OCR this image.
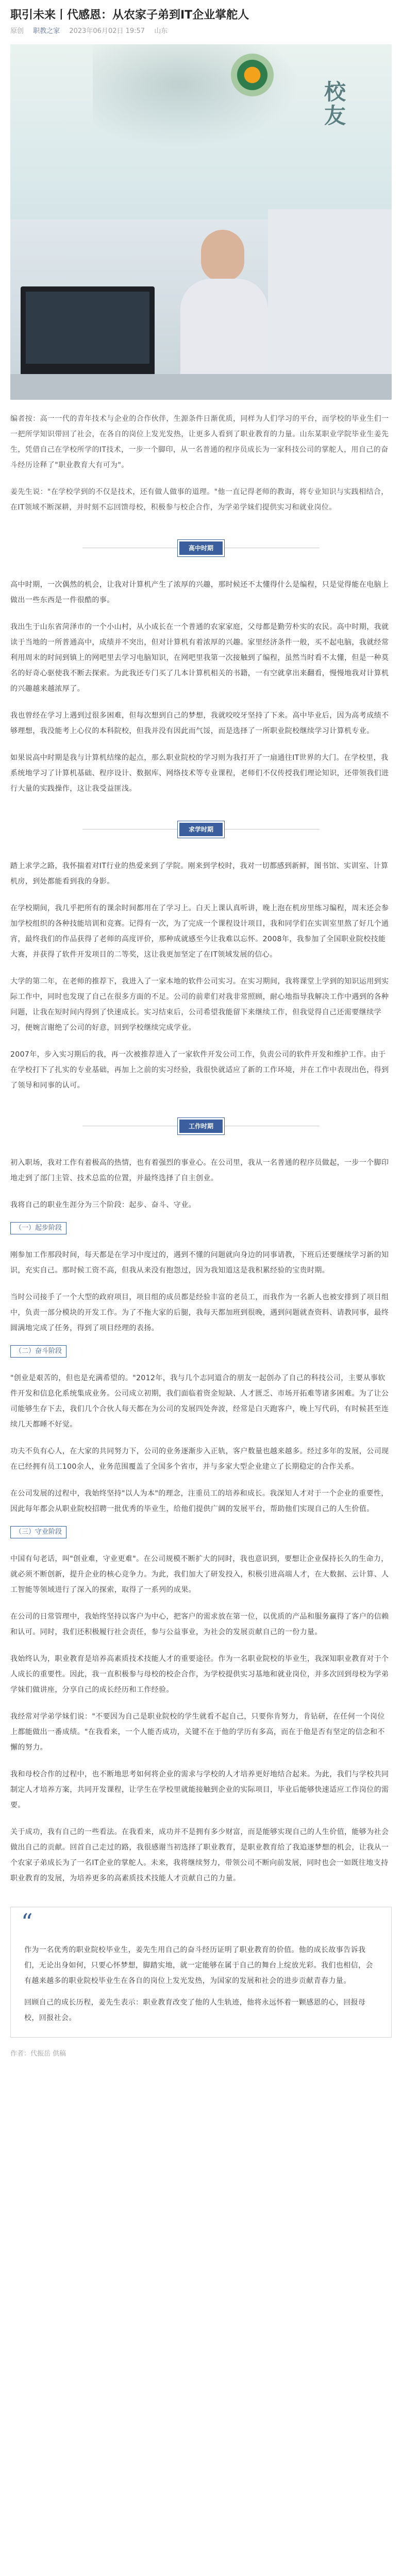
职引未来丨代感恩：从农家子弟到IT企业掌舵人
原创 职教之家 2023年06月02日 19:57 山东
校友

编者按：高一一代的青年技术与企业的合作伙伴，生源条件日渐优质，同样为人们学习的平台，而学校的毕业生们一一把所学知识带回了社会，在各自的岗位上发光发热，让更多人看到了职业教育的力量。山东某职业学院毕业生姜先生，凭借自己在学校所学的IT技术，一步一个脚印，从一名普通的程序员成长为一家科技公司的掌舵人，用自己的奋斗经历诠释了"职业教育大有可为"。

姜先生说："在学校学到的不仅是技术，还有做人做事的道理。"他一直记得老师的教诲，将专业知识与实践相结合，在IT领域不断深耕，并时刻不忘回馈母校，积极参与校企合作，为学弟学妹们提供实习和就业岗位。

高中时期

高中时期，一次偶然的机会，让我对计算机产生了浓厚的兴趣，那时候还不太懂得什么是编程，只是觉得能在电脑上做出一些东西是一件很酷的事。

我出生于山东省菏泽市的一个小山村，从小成长在一个普通的农家家庭，父母都是勤劳朴实的农民。高中时期，我就读于当地的一所普通高中，成绩并不突出，但对计算机有着浓厚的兴趣。家里经济条件一般，买不起电脑，我就经常利用周末的时间到镇上的网吧里去学习电脑知识，在网吧里我第一次接触到了编程，虽然当时看不太懂，但是一种莫名的好奇心驱使我不断去探索。为此我还专门买了几本计算机相关的书籍，一有空就拿出来翻看，慢慢地我对计算机的兴趣越来越浓厚了。

我也曾经在学习上遇到过很多困难，但每次想到自己的梦想，我就咬咬牙坚持了下来。高中毕业后，因为高考成绩不够理想，我没能考上心仪的本科院校，但我并没有因此而气馁，而是选择了一所职业院校继续学习计算机专业。

如果说高中时期是我与计算机结缘的起点，那么职业院校的学习则为我打开了一扇通往IT世界的大门。在学校里，我系统地学习了计算机基础、程序设计、数据库、网络技术等专业课程，老师们不仅传授我们理论知识，还带领我们进行大量的实践操作，这让我受益匪浅。

求学时期

踏上求学之路，我怀揣着对IT行业的热爱来到了学院。刚来到学校时，我对一切都感到新鲜，图书馆、实训室、计算机房，到处都能看到我的身影。

在学校期间，我几乎把所有的课余时间都用在了学习上。白天上课认真听讲，晚上泡在机房里练习编程，周末还会参加学校组织的各种技能培训和竞赛。记得有一次，为了完成一个课程设计项目，我和同学们在实训室里熬了好几个通宵，最终我们的作品获得了老师的高度评价，那种成就感至今让我难以忘怀。2008年，我参加了全国职业院校技能大赛，并获得了软件开发项目的二等奖，这让我更加坚定了在IT领域发展的信心。

大学的第二年，在老师的推荐下，我进入了一家本地的软件公司实习。在实习期间，我将课堂上学到的知识运用到实际工作中，同时也发现了自己在很多方面的不足。公司的前辈们对我非常照顾，耐心地指导我解决工作中遇到的各种问题，让我在短时间内得到了快速成长。实习结束后，公司希望我能留下来继续工作，但我觉得自己还需要继续学习，便婉言谢绝了公司的好意，回到学校继续完成学业。

2007年，步入实习期后的我，再一次被推荐进入了一家软件开发公司工作，负责公司的软件开发和维护工作。由于在学校打下了扎实的专业基础，再加上之前的实习经验，我很快就适应了新的工作环境，并在工作中表现出色，得到了领导和同事的认可。

工作时期

初入职场，我对工作有着极高的热情，也有着强烈的事业心。在公司里，我从一名普通的程序员做起，一步一个脚印地走到了部门主管、技术总监的位置，并最终选择了自主创业。

我将自己的职业生涯分为三个阶段：起步、奋斗、守业。

（一）起步阶段

刚参加工作那段时间，每天都是在学习中度过的，遇到不懂的问题就向身边的同事请教，下班后还要继续学习新的知识，充实自己。那时候工资不高，但我从来没有抱怨过，因为我知道这是我积累经验的宝贵时期。

当时公司接手了一个大型的政府项目，项目组的成员都是经验丰富的老员工，而我作为一名新人也被安排到了项目组中，负责一部分模块的开发工作。为了不拖大家的后腿，我每天都加班到很晚，遇到问题就查资料、请教同事，最终圆满地完成了任务，得到了项目经理的表扬。

（二）奋斗阶段

"创业是艰苦的，但也是充满希望的。"2012年，我与几个志同道合的朋友一起创办了自己的科技公司，主要从事软件开发和信息化系统集成业务。公司成立初期，我们面临着资金短缺、人才匮乏、市场开拓难等诸多困难。为了让公司能够生存下去，我们几个合伙人每天都在为公司的发展四处奔波，经常是白天跑客户，晚上写代码，有时候甚至连续几天都睡不好觉。

功夫不负有心人，在大家的共同努力下，公司的业务逐渐步入正轨，客户数量也越来越多。经过多年的发展，公司现在已经拥有员工100余人，业务范围覆盖了全国多个省市，并与多家大型企业建立了长期稳定的合作关系。

在公司发展的过程中，我始终坚持"以人为本"的理念，注重员工的培养和成长。我深知人才对于一个企业的重要性，因此每年都会从职业院校招聘一批优秀的毕业生，给他们提供广阔的发展平台，帮助他们实现自己的人生价值。

（三）守业阶段

中国有句老话，叫"创业难，守业更难"。在公司规模不断扩大的同时，我也意识到，要想让企业保持长久的生命力，就必须不断创新，提升企业的核心竞争力。为此，我们加大了研发投入，积极引进高端人才，在大数据、云计算、人工智能等领域进行了深入的探索，取得了一系列的成果。

在公司的日常管理中，我始终坚持以客户为中心，把客户的需求放在第一位，以优质的产品和服务赢得了客户的信赖和认可。同时，我们还积极履行社会责任，参与公益事业，为社会的发展贡献自己的一份力量。

我始终认为，职业教育是培养高素质技术技能人才的重要途径。作为一名职业院校的毕业生，我深知职业教育对于个人成长的重要性。因此，我一直积极参与母校的校企合作，为学校提供实习基地和就业岗位，并多次回到母校为学弟学妹们做讲座，分享自己的成长经历和工作经验。

我经常对学弟学妹们说："不要因为自己是职业院校的学生就看不起自己，只要你肯努力，肯钻研，在任何一个岗位上都能做出一番成绩。"在我看来，一个人能否成功，关键不在于他的学历有多高，而在于他是否有坚定的信念和不懈的努力。

我和母校合作的过程中，也不断地思考如何将企业的需求与学校的人才培养更好地结合起来。为此，我们与学校共同制定人才培养方案，共同开发课程，让学生在学校里就能接触到企业的实际项目，毕业后能够快速适应工作岗位的需要。

关于成功，我有自己的一些看法。在我看来，成功并不是拥有多少财富，而是能够实现自己的人生价值，能够为社会做出自己的贡献。回首自己走过的路，我很感谢当初选择了职业教育，是职业教育给了我追逐梦想的机会，让我从一个农家子弟成长为了一名IT企业的掌舵人。未来，我将继续努力，带领公司不断向前发展，同时也会一如既往地支持职业教育的发展，为培养更多的高素质技术技能人才贡献自己的力量。

“

作为一名优秀的职业院校毕业生，姜先生用自己的奋斗经历证明了职业教育的价值。他的成长故事告诉我们，无论出身如何，只要心怀梦想，脚踏实地，就一定能够在属于自己的舞台上绽放光彩。我们也相信，会有越来越多的职业院校毕业生在各自的岗位上发光发热，为国家的发展和社会的进步贡献青春力量。

回顾自己的成长历程，姜先生表示：职业教育改变了他的人生轨迹，他将永远怀着一颗感恩的心，回报母校，回报社会。

作者：代振岳 供稿
